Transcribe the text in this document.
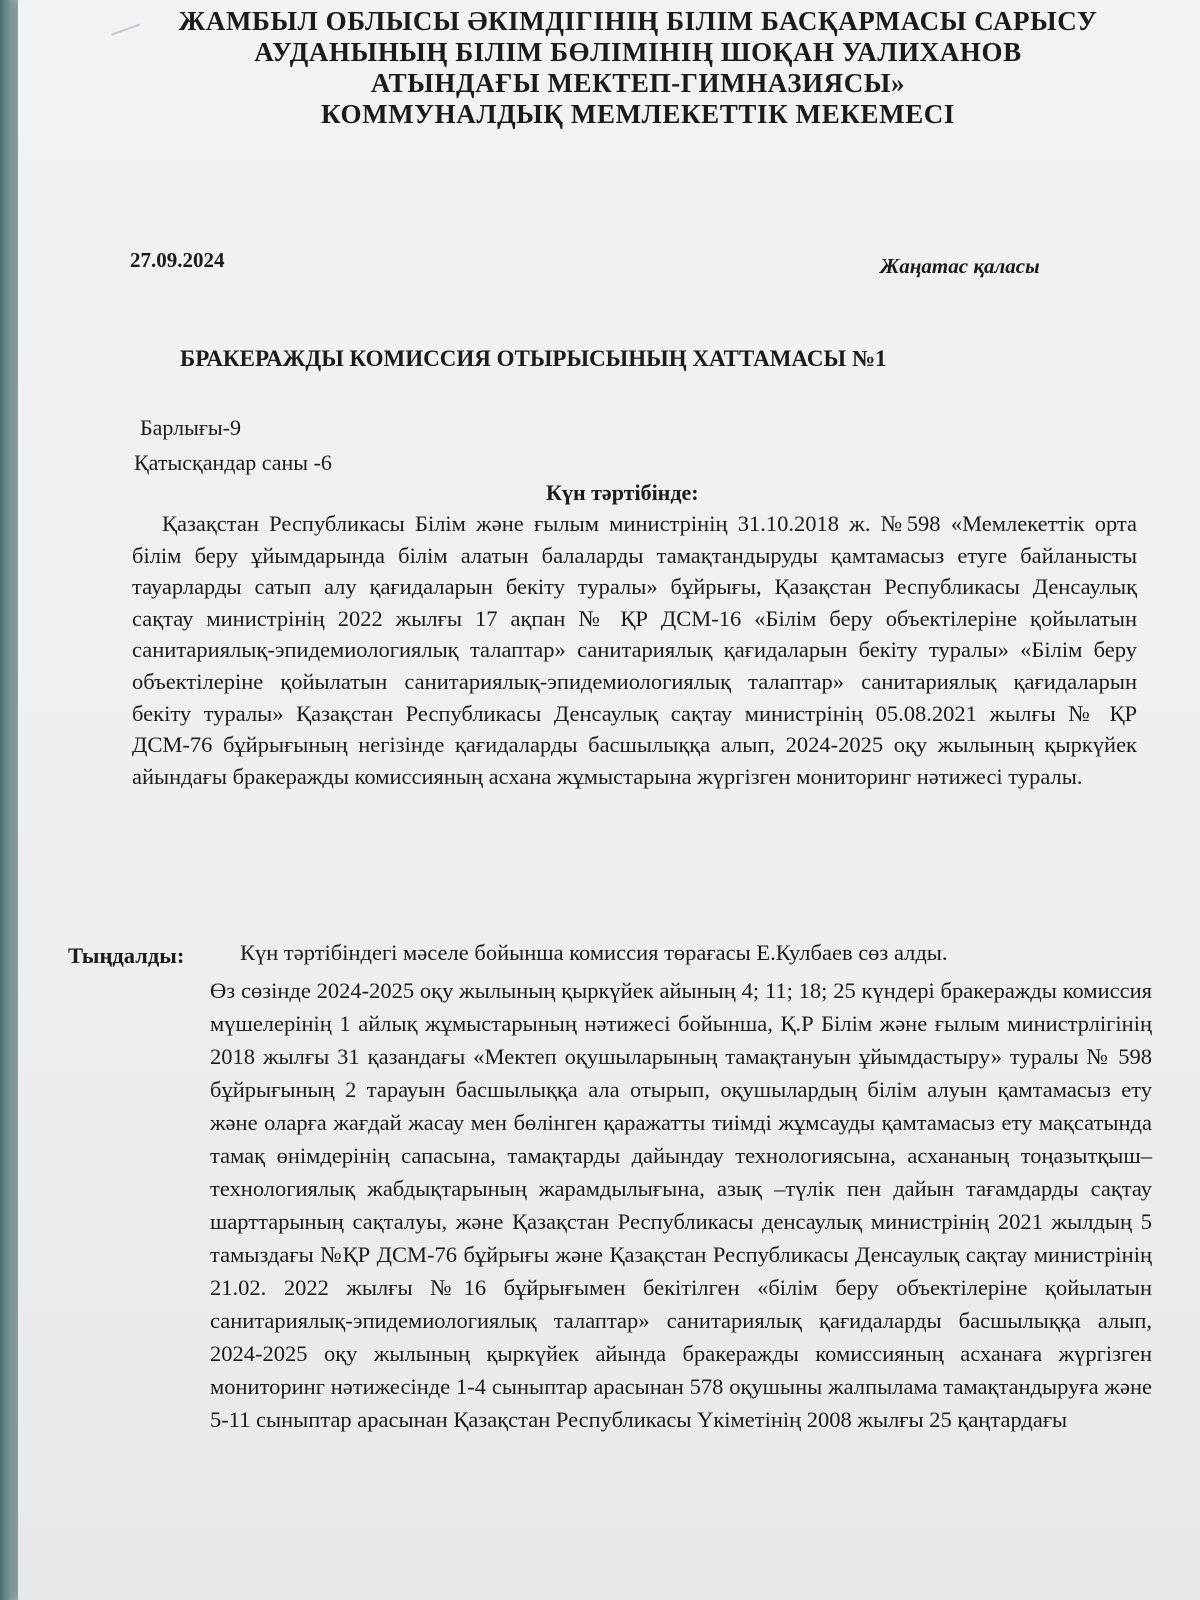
ЖАМБЫЛ ОБЛЫСЫ ӘКІМДІГІНІҢ БІЛІМ БАСҚАРМАСЫ САРЫСУ
АУДАНЫНЫҢ БІЛІМ БӨЛІМІНІҢ ШОҚАН УАЛИХАНОВ
АТЫНДАҒЫ МЕКТЕП-ГИМНАЗИЯСЫ»
КОММУНАЛДЫҚ МЕМЛЕКЕТТІК МЕКЕМЕСІ
27.09.2024	Жаңатас қаласы
БРАКЕРАЖДЫ КОМИССИЯ ОТЫРЫСЫНЫҢ ХАТТАМАСЫ №1
Барлығы-9
Қатысқандар саны -6
Күн тәртібінде:
Қазақстан Республикасы Білім және ғылым министрінің 31.10.2018 ж. №598 «Мемлекеттік орта білім беру ұйымдарында білім алатын балаларды тамақтандыруды қамтамасыз етуге байланысты тауарларды сатып алу қағидаларын бекіту туралы» бұйрығы, Қазақстан Республикасы Денсаулық сақтау министрінің 2022 жылғы 17 ақпан № ҚР ДСМ-16 «Білім беру объектілеріне қойылатын санитариялық-эпидемиологиялық талаптар» санитариялық қағидаларын бекіту туралы» «Білім беру объектілеріне қойылатын санитариялық-эпидемиологиялық талаптар» санитариялық қағидаларын бекіту туралы» Қазақстан Республикасы Денсаулық сақтау министрінің 05.08.2021 жылғы № ҚР ДСМ-76 бұйрығының негізінде қағидаларды басшылыққа алып, 2024-2025 оқу жылының қыркүйек айындағы бракеражды комиссияның асхана жұмыстарына жүргізген мониторинг нәтижесі туралы.
Тыңдалды: Күн тәртібіндегі мәселе бойынша комиссия төрағасы Е.Кулбаев сөз алды.
Өз сөзінде 2024-2025 оқу жылының қыркүйек айының 4; 11; 18; 25 күндері бракеражды комиссия мүшелерінің 1 айлық жұмыстарының нәтижесі бойынша, Қ.Р Білім және ғылым министрлігінің 2018 жылғы 31 қазандағы «Мектеп оқушыларының тамақтануын ұйымдастыру» туралы № 598 бұйрығының 2 тарауын басшылыққа ала отырып, оқушылардың білім алуын қамтамасыз ету және оларға жағдай жасау мен бөлінген қаражатты тиімді жұмсауды қамтамасыз ету мақсатында тамақ өнімдерінің сапасына, тамақтарды дайындау технологиясына, асхананың тоңазытқыш–технологиялық жабдықтарының жарамдылығына, азық –түлік пен дайын тағамдарды сақтау шарттарының сақталуы, және Қазақстан Республикасы денсаулық министрінің 2021 жылдың 5 тамыздағы №ҚР ДСМ-76 бұйрығы және Қазақстан Республикасы Денсаулық сақтау министрінің 21.02. 2022 жылғы №16 бұйрығымен бекітілген «білім беру объектілеріне қойылатын санитариялық-эпидемиологиялық талаптар» санитариялық қағидаларды басшылыққа алып, 2024-2025 оқу жылының қыркүйек айында бракеражды комиссияның асханаға жүргізген мониторинг нәтижесінде 1-4 сыныптар арасынан 578 оқушыны жалпылама тамақтандыруға және 5-11 сыныптар арасынан Қазақстан Республикасы Үкіметінің 2008 жылғы 25 қаңтардағы
